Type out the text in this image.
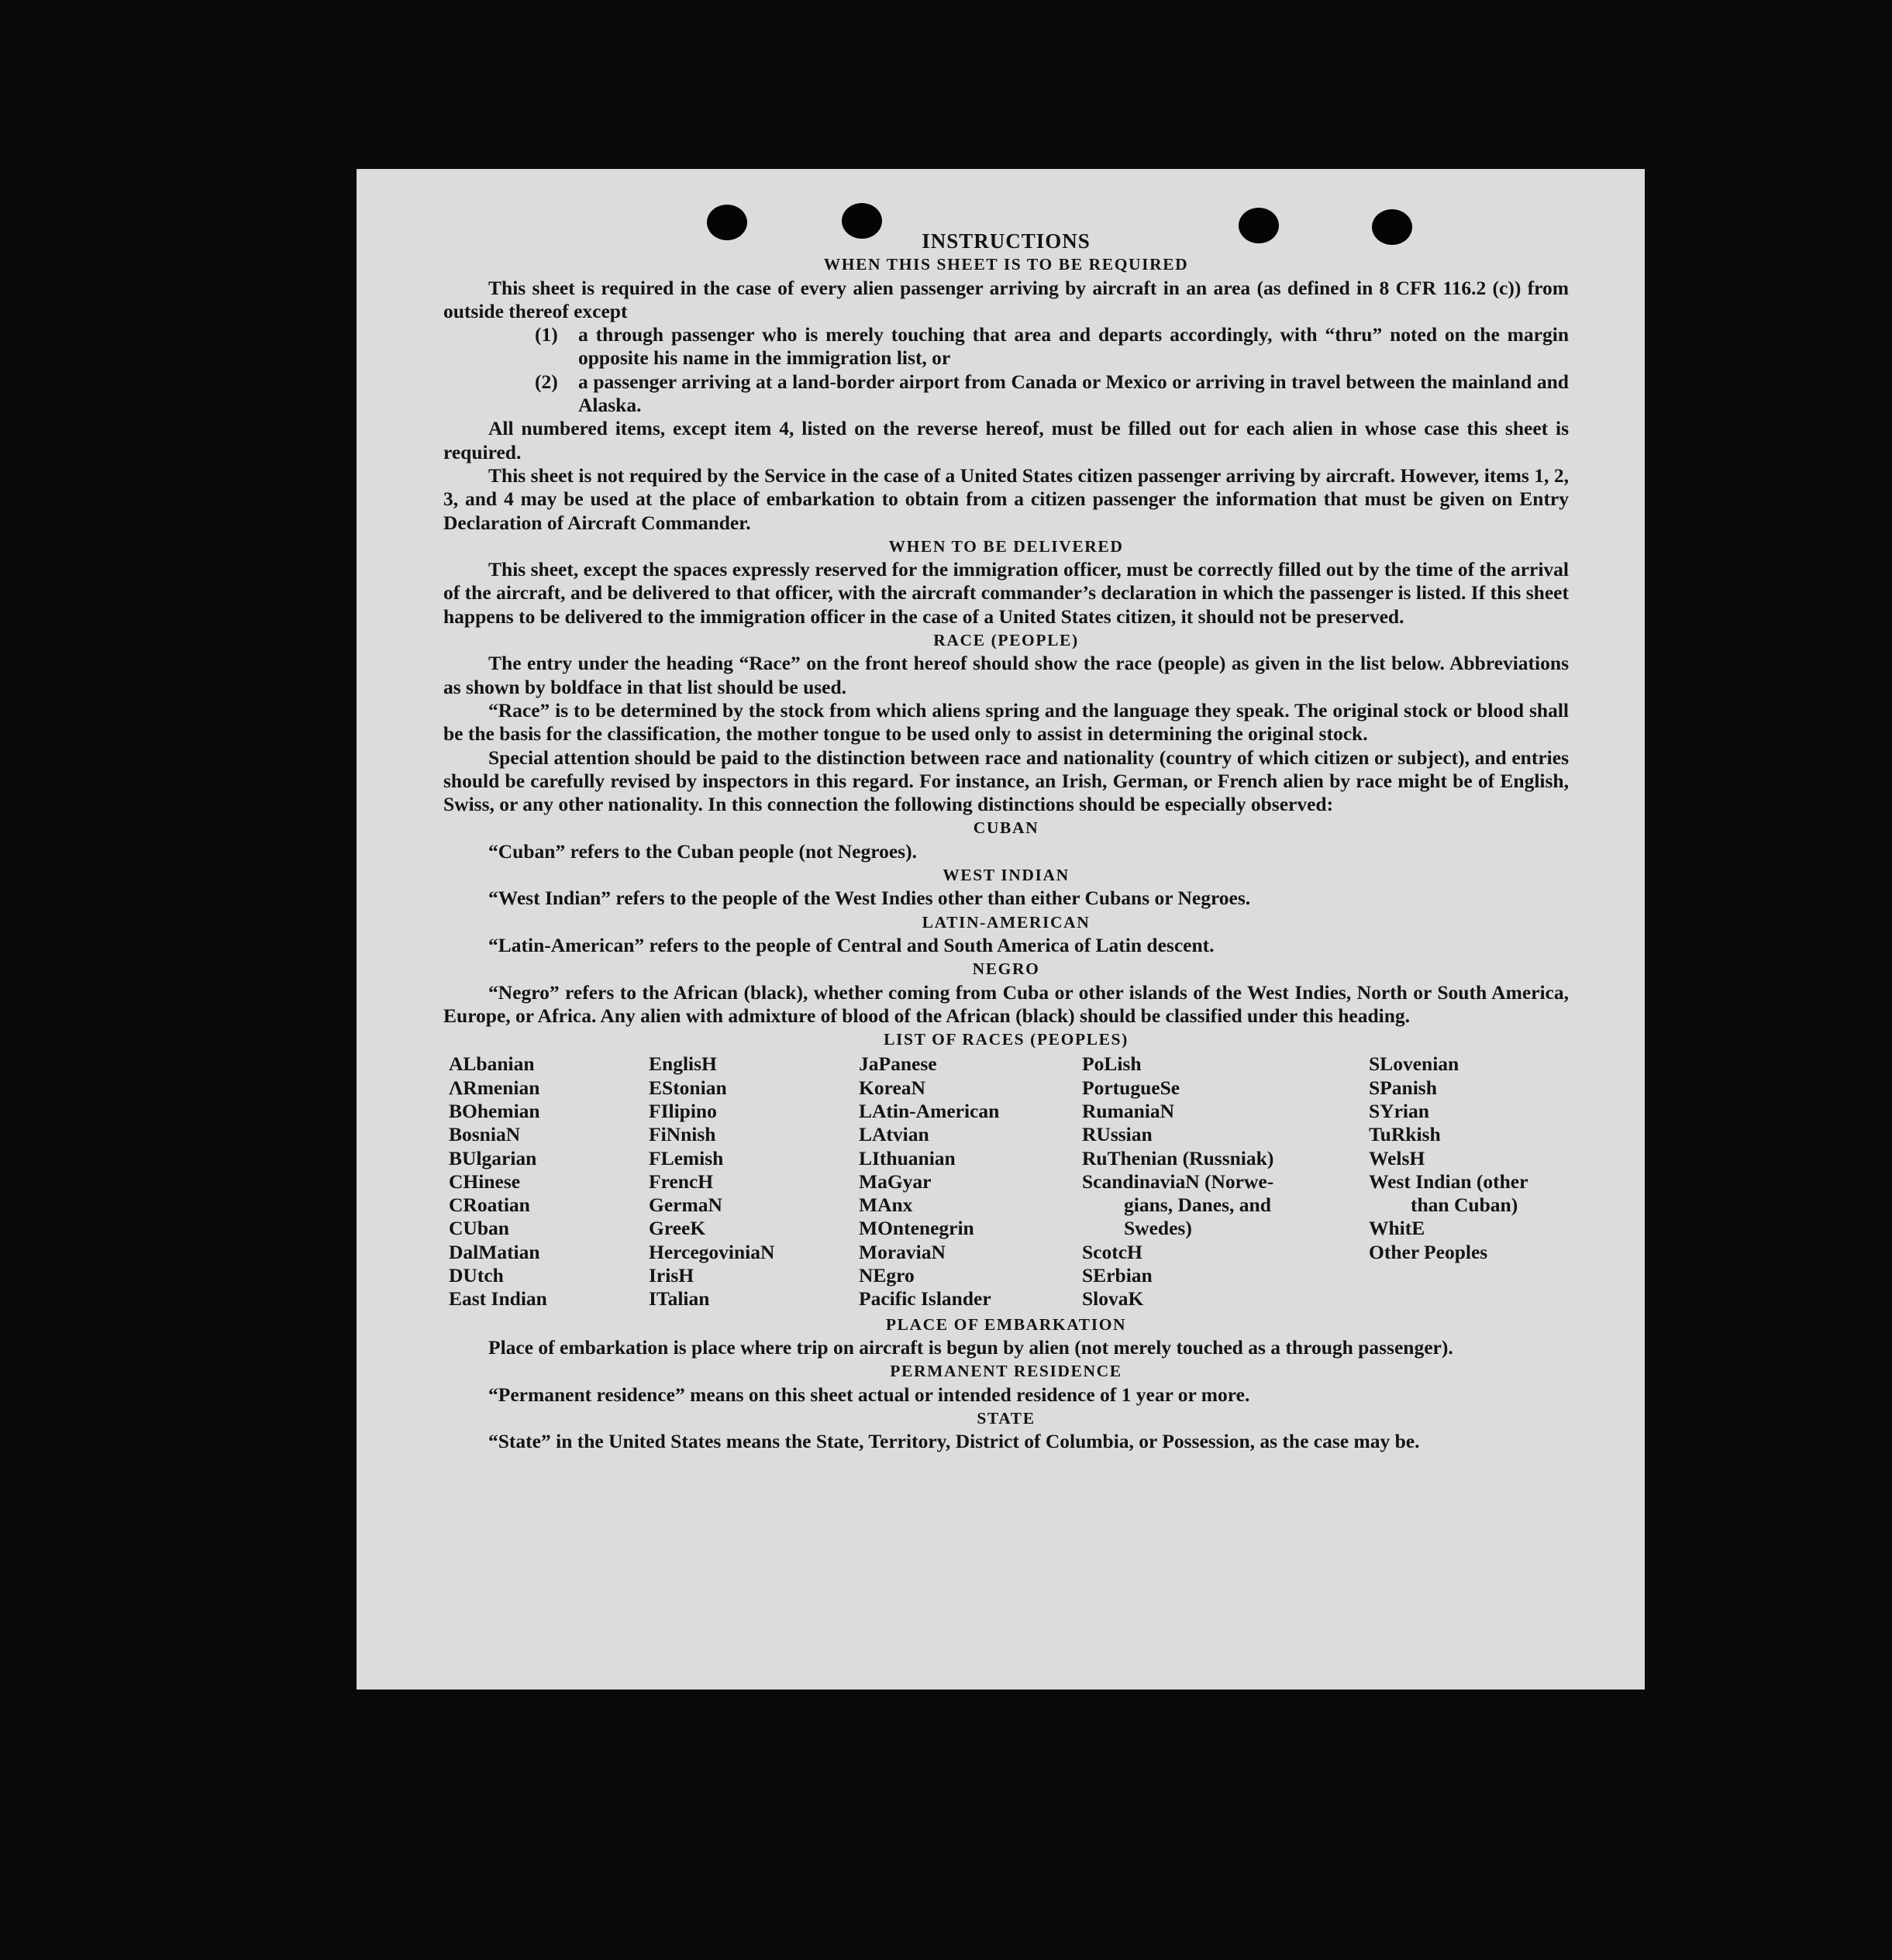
INSTRUCTIONS
WHEN THIS SHEET IS TO BE REQUIRED

This sheet is required in the case of every alien passenger arriving by aircraft in an area (as defined in 8 CFR 116.2 (c)) from outside thereof except

(1)	a through passenger who is merely touching that area and departs accordingly, with “thru” noted on the margin opposite his name in the immigration list, or
(2)	a passenger arriving at a land-border airport from Canada or Mexico or arriving in travel between the mainland and Alaska.

All numbered items, except item 4, listed on the reverse hereof, must be filled out for each alien in whose case this sheet is required.

This sheet is not required by the Service in the case of a United States citizen passenger arriving by aircraft. However, items 1, 2, 3, and 4 may be used at the place of embarkation to obtain from a citizen passenger the information that must be given on Entry Declaration of Aircraft Commander.

WHEN TO BE DELIVERED

This sheet, except the spaces expressly reserved for the immigration officer, must be correctly filled out by the time of the arrival of the aircraft, and be delivered to that officer, with the aircraft commander’s declaration in which the passenger is listed. If this sheet happens to be delivered to the immigration officer in the case of a United States citizen, it should not be preserved.

RACE (PEOPLE)

The entry under the heading “Race” on the front hereof should show the race (people) as given in the list below. Abbreviations as shown by boldface in that list should be used.

“Race” is to be determined by the stock from which aliens spring and the language they speak. The original stock or blood shall be the basis for the classification, the mother tongue to be used only to assist in determining the original stock.

Special attention should be paid to the distinction between race and nationality (country of which citizen or subject), and entries should be carefully revised by inspectors in this regard. For instance, an Irish, German, or French alien by race might be of English, Swiss, or any other nationality. In this connection the following distinctions should be especially observed:

CUBAN

“Cuban” refers to the Cuban people (not Negroes).

WEST INDIAN

“West Indian” refers to the people of the West Indies other than either Cubans or Negroes.

LATIN-AMERICAN

“Latin-American” refers to the people of Central and South America of Latin descent.

NEGRO

“Negro” refers to the African (black), whether coming from Cuba or other islands of the West Indies, North or South America, Europe, or Africa. Any alien with admixture of blood of the African (black) should be classified under this heading.

LIST OF RACES (PEOPLES)
ALbanian
ΛRmenian
BOhemian
BosniaN
BUlgarian
CHinese
CRoatian
CUban
DalMatian
DUtch
East Indian
EnglisH
EStonian
FIlipino
FiNnish
FLemish
FrencH
GermaN
GreeK
HercegoviniaN
IrisH
ITalian
JaPanese
KoreaN
LAtin-American
LAtvian
LIthuanian
MaGyar
MAnx
MOntenegrin
MoraviaN
NEgro
Pacific Islander
PoLish
PortugueSe
RumaniaN
RUssian
RuThenian (Russniak)
ScandinaviaN (Norwe-
gians, Danes, and
Swedes)
ScotcH
SErbian
SlovaK
SLovenian
SPanish
SYrian
TuRkish
WelsH
West Indian (other
than Cuban)
WhitE
Other Peoples
PLACE OF EMBARKATION

Place of embarkation is place where trip on aircraft is begun by alien (not merely touched as a through passenger).

PERMANENT RESIDENCE

“Permanent residence” means on this sheet actual or intended residence of 1 year or more.

STATE

“State” in the United States means the State, Territory, District of Columbia, or Possession, as the case may be.
